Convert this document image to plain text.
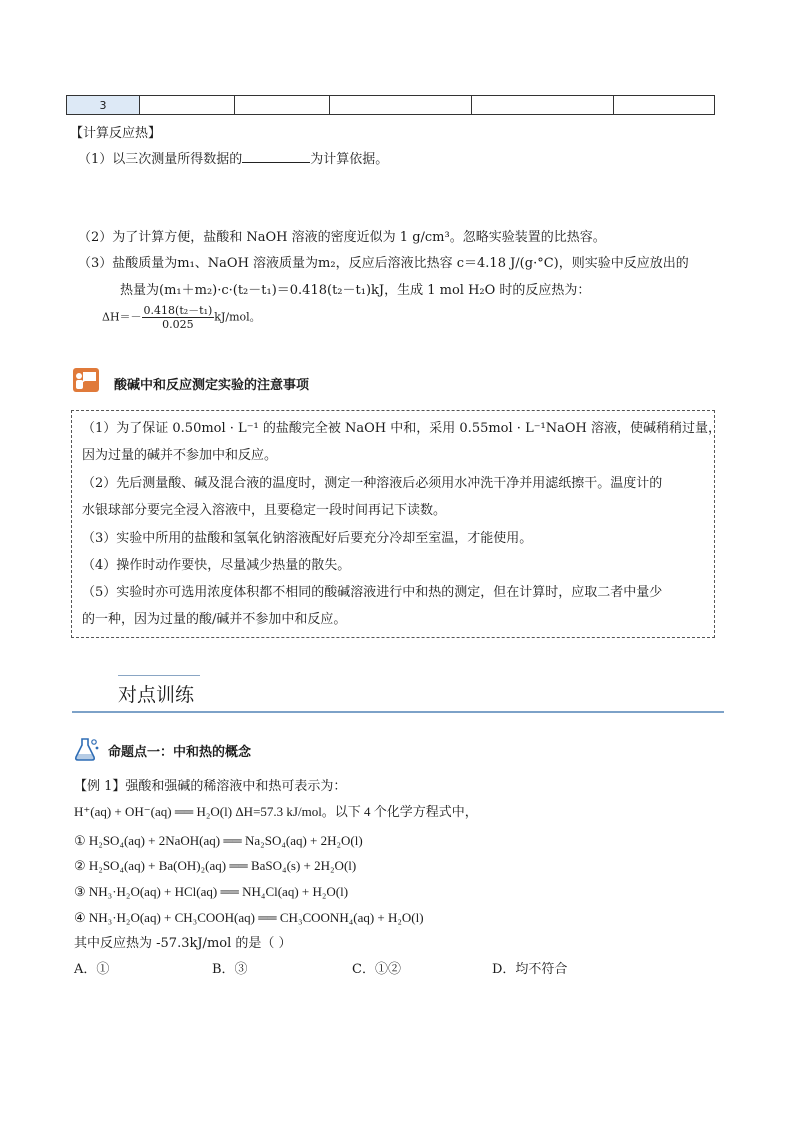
3					
【计算反应热】
（1）以三次测量所得数据的	为计算依据。
（2）为了计算方便，盐酸和 NaOH 溶液的密度近似为 1 g/cm³。忽略实验装置的比热容。
（3）盐酸质量为m₁、NaOH 溶液质量为m₂，反应后溶液比热容 c＝4.18 J/(g·°C)，则实验中反应放出的
热量为(m₁＋m₂)·c·(t₂－t₁)＝0.418(t₂－t₁)kJ，生成 1 mol H₂O 时的反应热为：
$\Delta H=- \frac{\text{0.418(t₂－t₁)}}{0.025} kJ/mol$。
酸碱中和反应测定实验的注意事项
（1）为了保证 0.50mol · L⁻¹ 的盐酸完全被 NaOH 中和，采用 0.55mol · L⁻¹NaOH 溶液，使碱稍稍过量，
因为过量的碱并不参加中和反应。
（2）先后测量酸、碱及混合液的温度时，测定一种溶液后必须用水冲洗干净并用滤纸擦干。温度计的
水银球部分要完全浸入溶液中，且要稳定一段时间再记下读数。
（3）实验中所用的盐酸和氢氧化钠溶液配好后要充分冷却至室温，才能使用。
（4）操作时动作要快，尽量减少热量的散失。
（5）实验时亦可选用浓度体积都不相同的酸碱溶液进行中和热的测定，但在计算时，应取二者中量少
的一种，因为过量的酸/碱并不参加中和反应。
对点训练
命题点一：中和热的概念
【例 1】强酸和强碱的稀溶液中和热可表示为：
H⁺(aq) + OH⁻(aq) ══ H₂O(l) ΔH=57.3 kJ/mol。以下 4 个化学方程式中，
① H₂SO₄(aq) + 2NaOH(aq) ══ Na₂SO₄(aq) + 2H₂O(l)
② H₂SO₄(aq) + Ba(OH)₂(aq) ══ BaSO₄(s) + 2H₂O(l)
③ NH₃·H₂O(aq) + HCl(aq) ══ NH₄Cl(aq) + H₂O(l)
④ NH₃·H₂O(aq) + CH₃COOH(aq) ══ CH₃COONH₄(aq) + H₂O(l)
其中反应热为 -57.3kJ/mol 的是（ ）
A．①	B．③	C．①②	D．均不符合
